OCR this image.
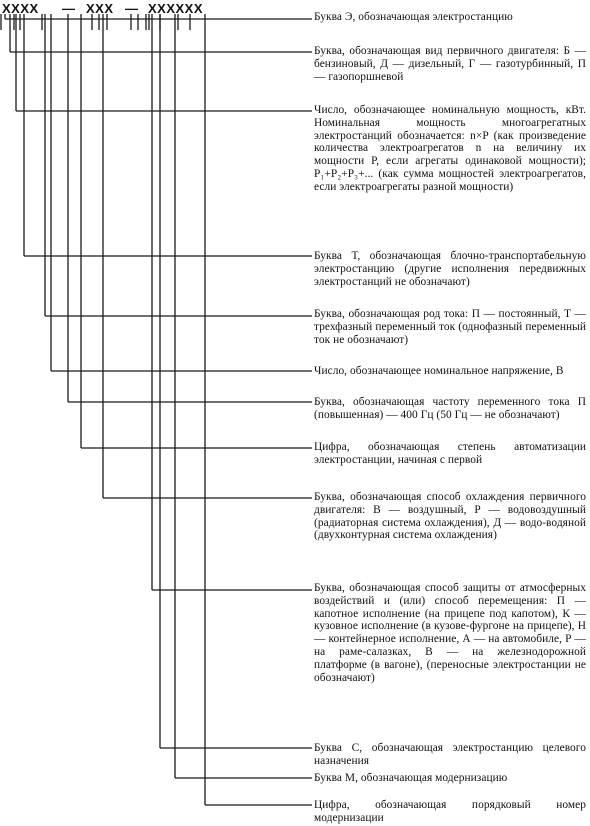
XXXX

—

XXX

—

XXXXXX

Буква Э, обозначающая электростанцию
Буква, обозначающая вид первичного двигателя: Б — бензиновый, Д — дизельный, Г — газотурбинный, П — газопоршневой
Число, обозначающее номинальную мощность, кВт. Номинальная мощность многоагрегатных электростанций обозначается: n×P (как произведение количества электроагрегатов n на величину их мощности P, если агрегаты одинаковой мощности); P₁+P₂+P₃+... (как сумма мощностей электроагрегатов, если электроагрегаты разной мощности)
Буква Т, обозначающая блочно-транспортабельную электростанцию (другие исполнения передвижных электростанций не обозначают)
Буква, обозначающая род тока: П — постоянный, Т — трехфазный переменный ток (однофазный переменный ток не обозначают)
Число, обозначающее номинальное напряжение, В
Буква, обозначающая частоту переменного тока П (повышенная) — 400 Гц (50 Гц — не обозначают)
Цифра, обозначающая степень автоматизации электростанции, начиная с первой
Буква, обозначающая способ охлаждения первичного двигателя: В — воздушный, Р — водовоздушный (радиаторная система охлаждения), Д — водо-водяной (двухконтурная система охлаждения)
Буква, обозначающая способ защиты от атмосферных воздействий и (или) способ перемещения: П — капотное исполнение (на прицепе под капотом), К — кузовное исполнение (в кузове-фургоне на прицепе), Н — контейнерное исполнение, А — на автомобиле, Р — на раме-салазках, В — на железнодорожной платформе (в вагоне), (переносные электростанции не обозначают)
Буква С, обозначающая электростанцию целевого назначения
Буква М, обозначающая модернизацию
Цифра, обозначающая порядковый номер модернизации
